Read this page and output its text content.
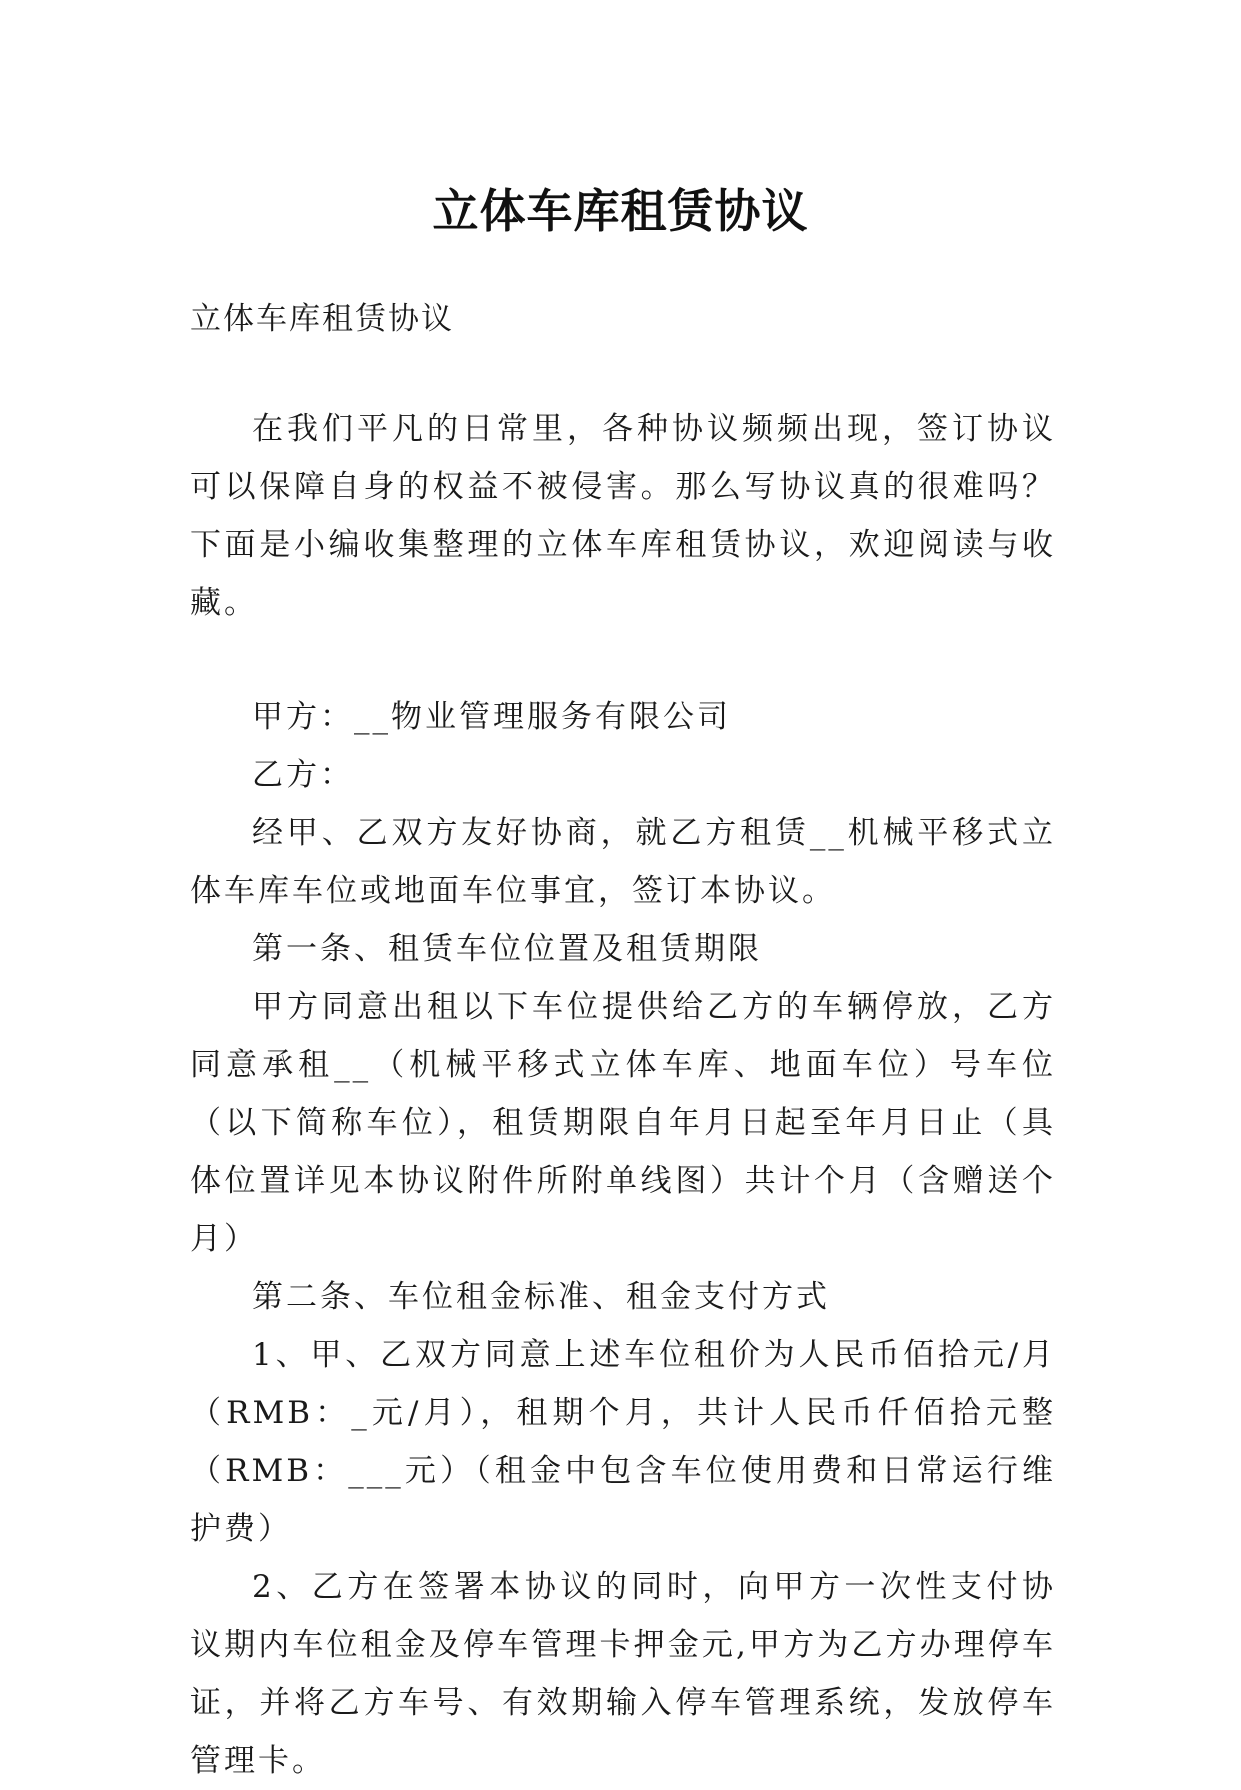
立体车库租赁协议

立体车库租赁协议

在我们平凡的日常里，各种协议频频出现，签订协议可以保障自身的权益不被侵害。那么写协议真的很难吗？下面是小编收集整理的立体车库租赁协议，欢迎阅读与收藏。

甲方：__物业管理服务有限公司

乙方：

经甲、乙双方友好协商，就乙方租赁__机械平移式立体车库车位或地面车位事宜，签订本协议。

第一条、租赁车位位置及租赁期限

甲方同意出租以下车位提供给乙方的车辆停放，乙方同意承租__（机械平移式立体车库、地面车位）号车位（以下简称车位），租赁期限自年月日起至年月日止（具体位置详见本协议附件所附单线图）共计个月（含赠送个月）

第二条、车位租金标准、租金支付方式

1、甲、乙双方同意上述车位租价为人民币佰拾元/月（RMB：_元/月），租期个月，共计人民币仟佰拾元整（RMB：___元）（租金中包含车位使用费和日常运行维护费）

2、乙方在签署本协议的同时，向甲方一次性支付协议期内车位租金及停车管理卡押金元,甲方为乙方办理停车证，并将乙方车号、有效期输入停车管理系统，发放停车管理卡。
